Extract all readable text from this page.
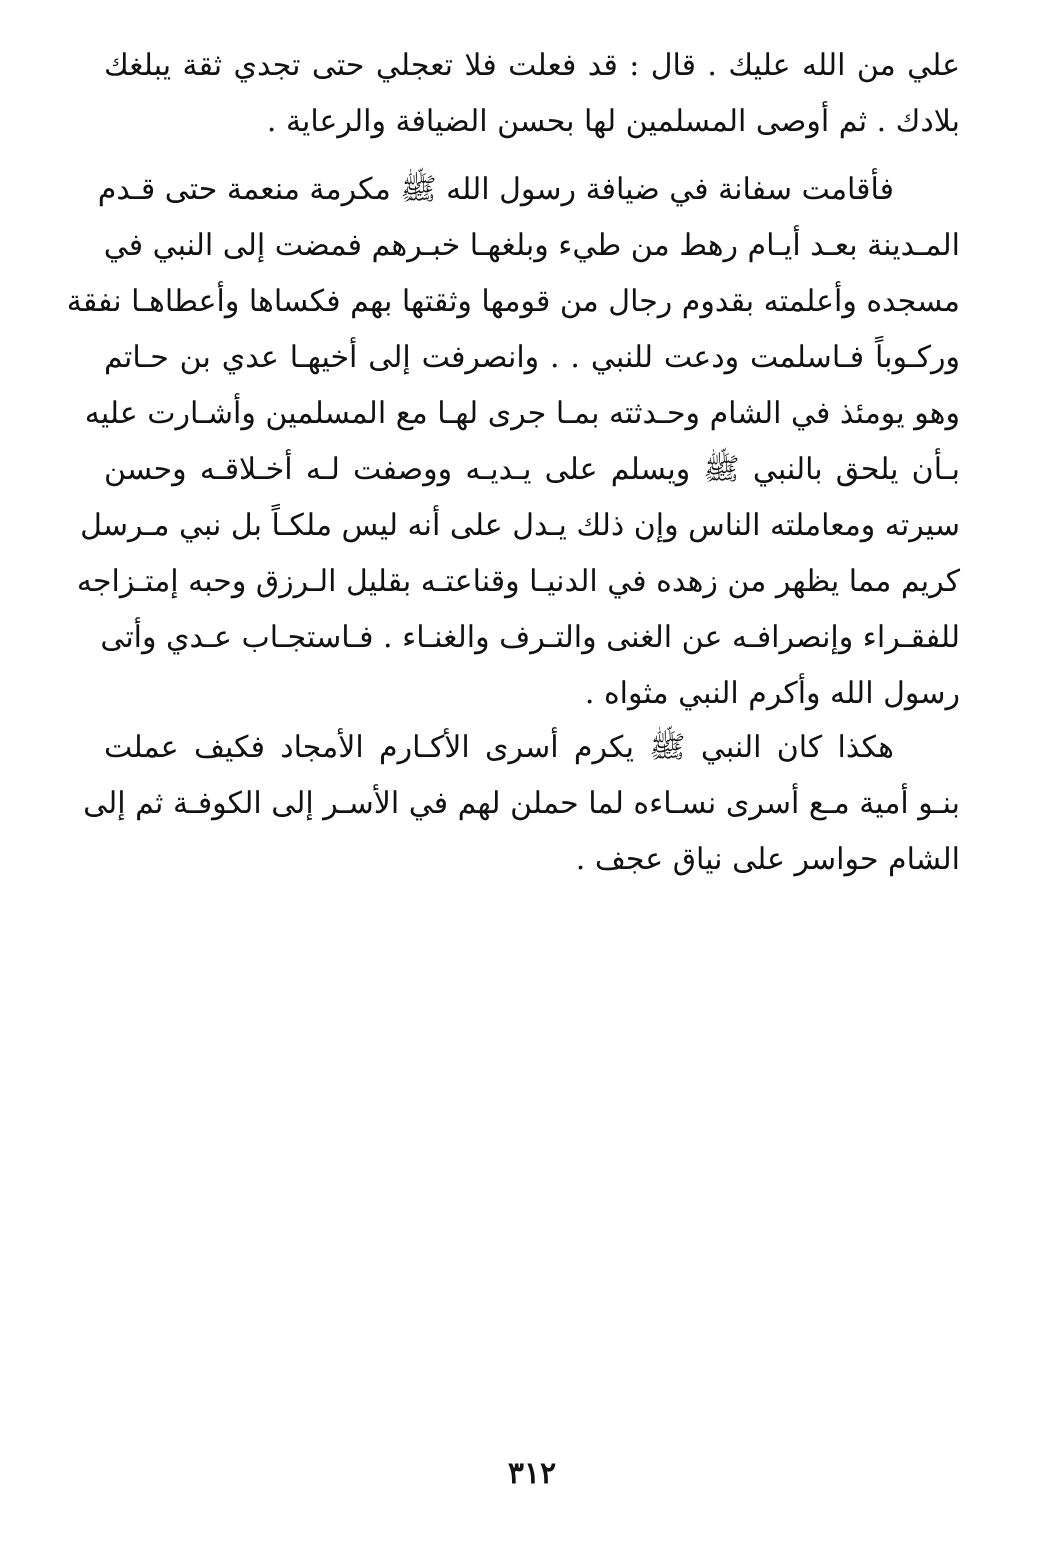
علي من الله عليك . قال : قد فعلت فلا تعجلي حتى تجدي ثقة يبلغك
بلادك . ثم أوصى المسلمين لها بحسن الضيافة والرعاية .
فأقامت سفانة في ضيافة رسول الله ﷺ مكرمة منعمة حتى قـدم
المـدينة بعـد أيـام رهط من طيء وبلغهـا خبـرهم فمضت إلى النبي في
مسجده وأعلمته بقدوم رجال من قومها وثقتها بهم فكساها وأعطاهـا نفقة
وركـوباً فـاسلمت ودعت للنبي . . وانصرفت إلى أخيهـا عدي بن حـاتم
وهو يومئذ في الشام وحـدثته بمـا جرى لهـا مع المسلمين وأشـارت عليه
بـأن يلحق بالنبي ﷺ ويسلم على يـديـه ووصفت لـه أخـلاقـه وحسن
سيرته ومعاملته الناس وإن ذلك يـدل على أنه ليس ملكـاً بل نبي مـرسل
كريم مما يظهر من زهده في الدنيـا وقناعتـه بقليل الـرزق وحبه إمتـزاجه
للفقـراء وإنصرافـه عن الغنى والتـرف والغنـاء . فـاستجـاب عـدي وأتى
رسول الله وأكرم النبي مثواه .
هكذا كان النبي ﷺ يكرم أسرى الأكـارم الأمجاد فكيف عملت
بنـو أمية مـع أسرى نسـاءه لما حملن لهم في الأسـر إلى الكوفـة ثم إلى
الشام حواسر على نياق عجف .
٣١٢
